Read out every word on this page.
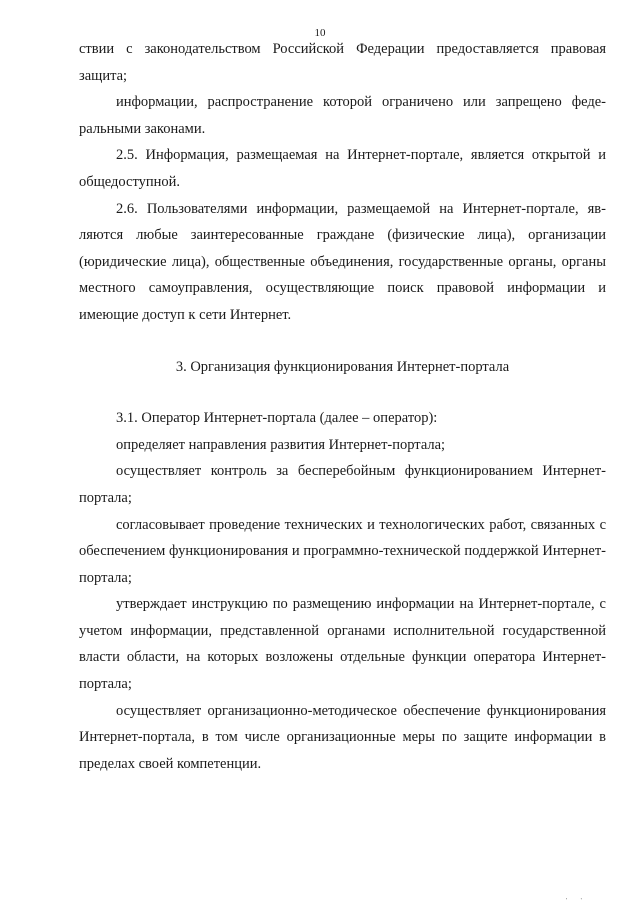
10

ствии с законодательством Российской Федерации предоставляется правовая защита;

информации, распространение которой ограничено или запрещено федеральными законами.

2.5. Информация, размещаемая на Интернет-портале, является открытой и общедоступной.

2.6. Пользователями информации, размещаемой на Интернет-портале, являются любые заинтересованные граждане (физические лица), организации (юридические лица), общественные объединения, государственные органы, органы местного самоуправления, осуществляющие поиск правовой информации и имеющие доступ к сети Интернет.

3. Организация функционирования Интернет-портала

3.1. Оператор Интернет-портала (далее – оператор):

определяет направления развития Интернет-портала;

осуществляет контроль за бесперебойным функционированием Интернет-портала;

согласовывает проведение технических и технологических работ, связанных с обеспечением функционирования и программно-технической поддержкой Интернет-портала;

утверждает инструкцию по размещению информации на Интернет-портале, с учетом информации, представленной органами исполнительной государственной власти области, на которых возложены отдельные функции оператора Интернет-портала;

осуществляет организационно-методическое обеспечение функционирования Интернет-портала, в том числе организационные меры по защите информации в пределах своей компетенции.

' '
